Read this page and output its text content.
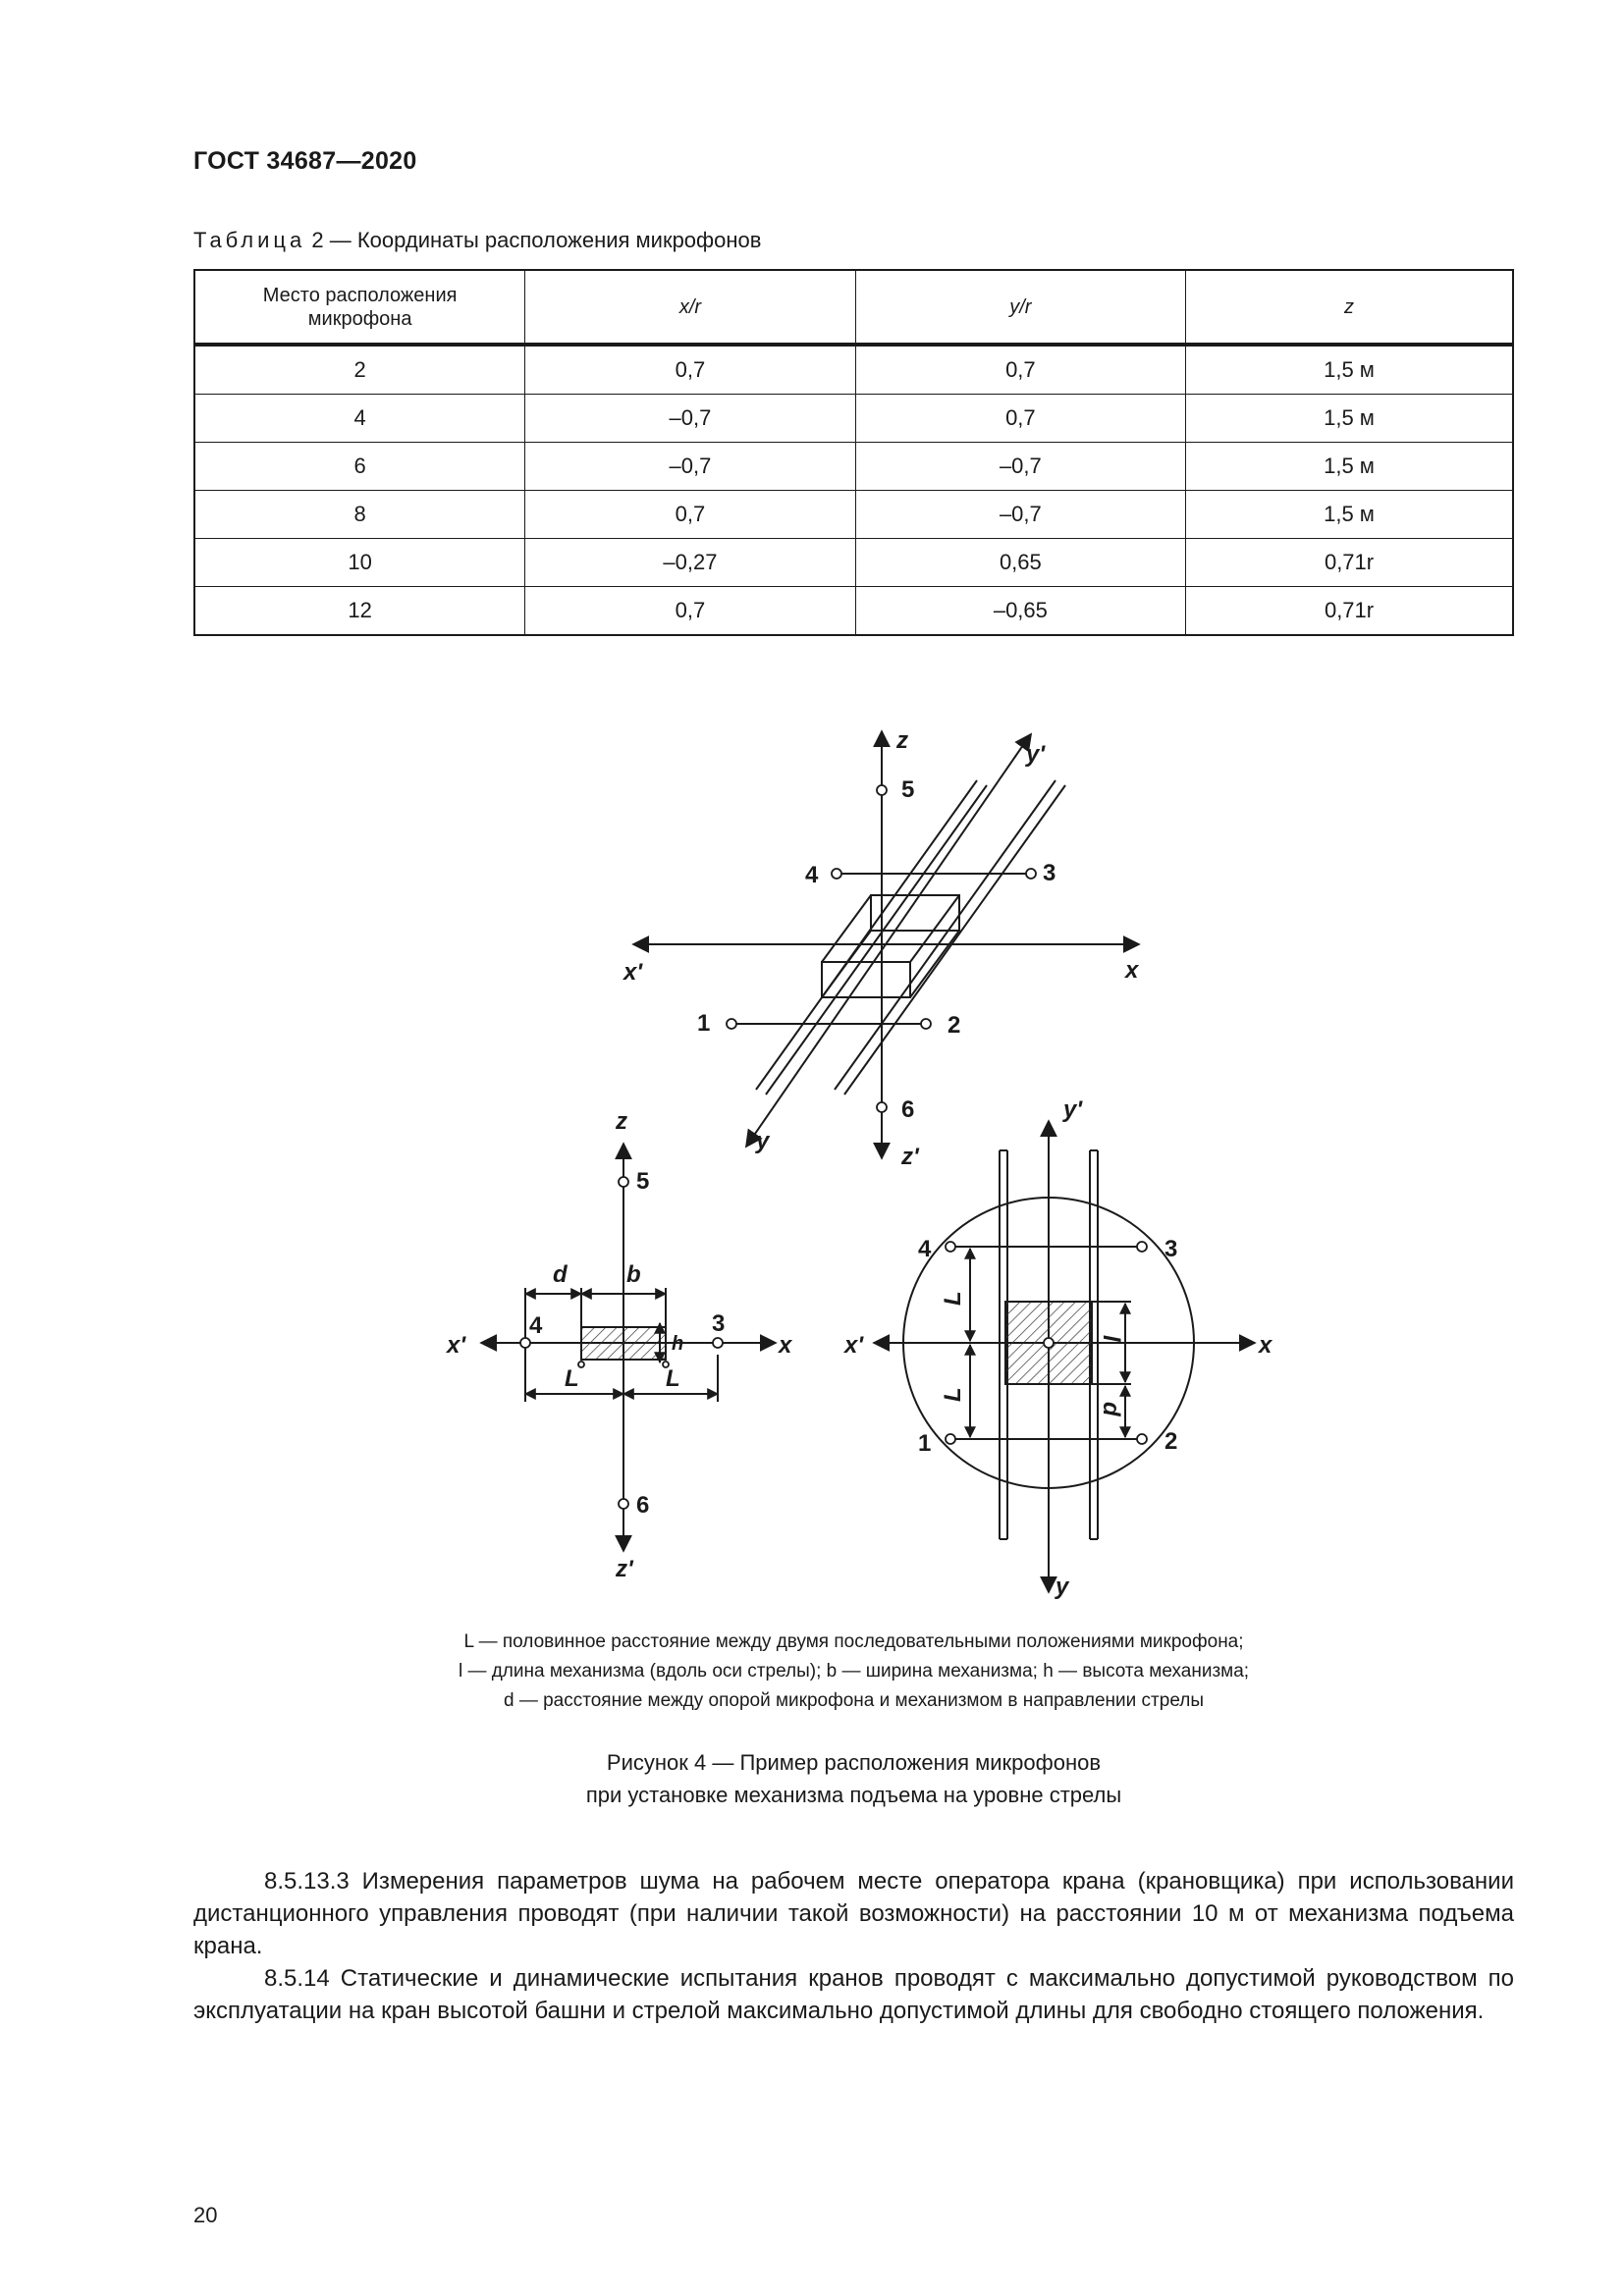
ГОСТ 34687—2020
Таблица 2 — Координаты расположения микрофонов
Место расположения микрофона	x/r	y/r	z
2	0,7	0,7	1,5 м
4	–0,7	0,7	1,5 м
6	–0,7	–0,7	1,5 м
8	0,7	–0,7	1,5 м
10	–0,27	0,65	0,71r
12	0,7	–0,65	0,71r
z
5
y'
4	3
x'	x
1	2
6
y
z'
z
5
d	b
4	3
h
x'	x
L	L
6
z'
y'
4	3
L
L
l
d
x'	x
1	2
y
L — половинное расстояние между двумя последовательными положениями микрофона;
l — длина механизма (вдоль оси стрелы); b — ширина механизма; h — высота механизма;
d — расстояние между опорой микрофона и механизмом в направлении стрелы
Рисунок 4 — Пример расположения микрофонов
при установке механизма подъема на уровне стрелы

8.5.13.3 Измерения параметров шума на рабочем месте оператора крана (крановщика) при использовании дистанционного управления проводят (при наличии такой возможности) на расстоянии 10 м от механизма подъема крана.

8.5.14 Статические и динамические испытания кранов проводят с максимально допустимой руководством по эксплуатации на кран высотой башни и стрелой максимально допустимой длины для свободно стоящего положения.

20
